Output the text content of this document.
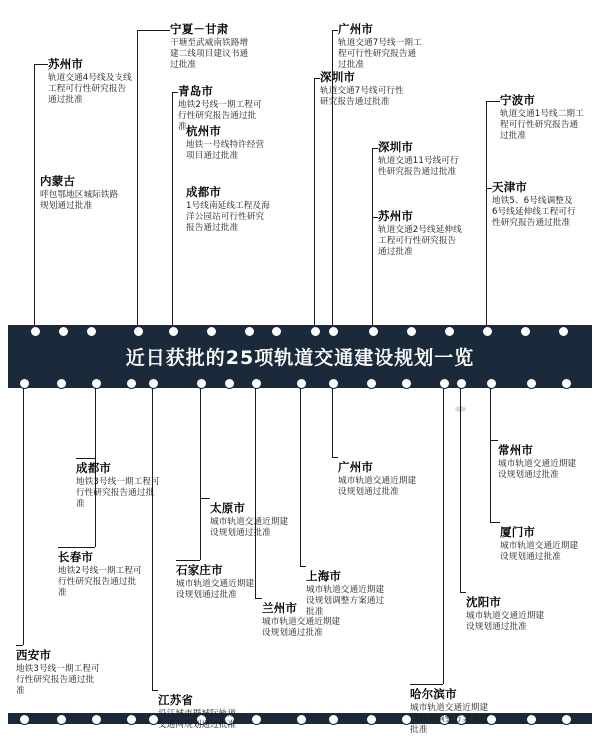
近日获批的25项轨道交通建设规划一览
内蒙古
呼包鄂地区城际铁路规划通过批准
苏州市
轨道交通4号线及支线工程可行性研究报告通过批准
宁夏－甘肃
干塘至武威南铁路增建二线项目建议书通过批准
青岛市
地铁2号线一期工程可行性研究报告通过批准 杭州市
地铁一号线特许经营项目通过批准
成都市
1号线南延线工程及海洋公园站可行性研究报告通过批准
广州市
轨道交通7号线一期工程可行性研究报告通过批准
深圳市
轨道交通7号线可行性研究报告通过批准
深圳市
轨道交通11号线可行性研究报告通过批准
苏州市
轨道交通2号线延伸线工程可行性研究报告通过批准
宁波市
轨道交通1号线二期工程可行性研究报告通过批准
天津市
地铁5、6号线调整及6号线延伸线工程可行性研究报告通过批准
西安市
地铁3号线一期工程可行性研究报告通过批准
长春市
地铁2号线一期工程可行性研究报告通过批准
成都市
地铁3号线一期工程可行性研究报告通过批准
江苏省
沿江城市群城际轨道交通网规划通过批准
石家庄市
城市轨道交通近期建设规划通过批准
太原市
城市轨道交通近期建设规划通过批准
兰州市
城市轨道交通近期建设规划通过批准
上海市
城市轨道交通近期建设规划调整方案通过批准
广州市
城市轨道交通近期建设规划通过批准
哈尔滨市
城市轨道交通近期建设规划调整方案通过批准
沈阳市
城市轨道交通近期建设规划通过批准
厦门市
城市轨道交通近期建设规划通过批准
常州市
城市轨道交通近期建设规划通过批准
